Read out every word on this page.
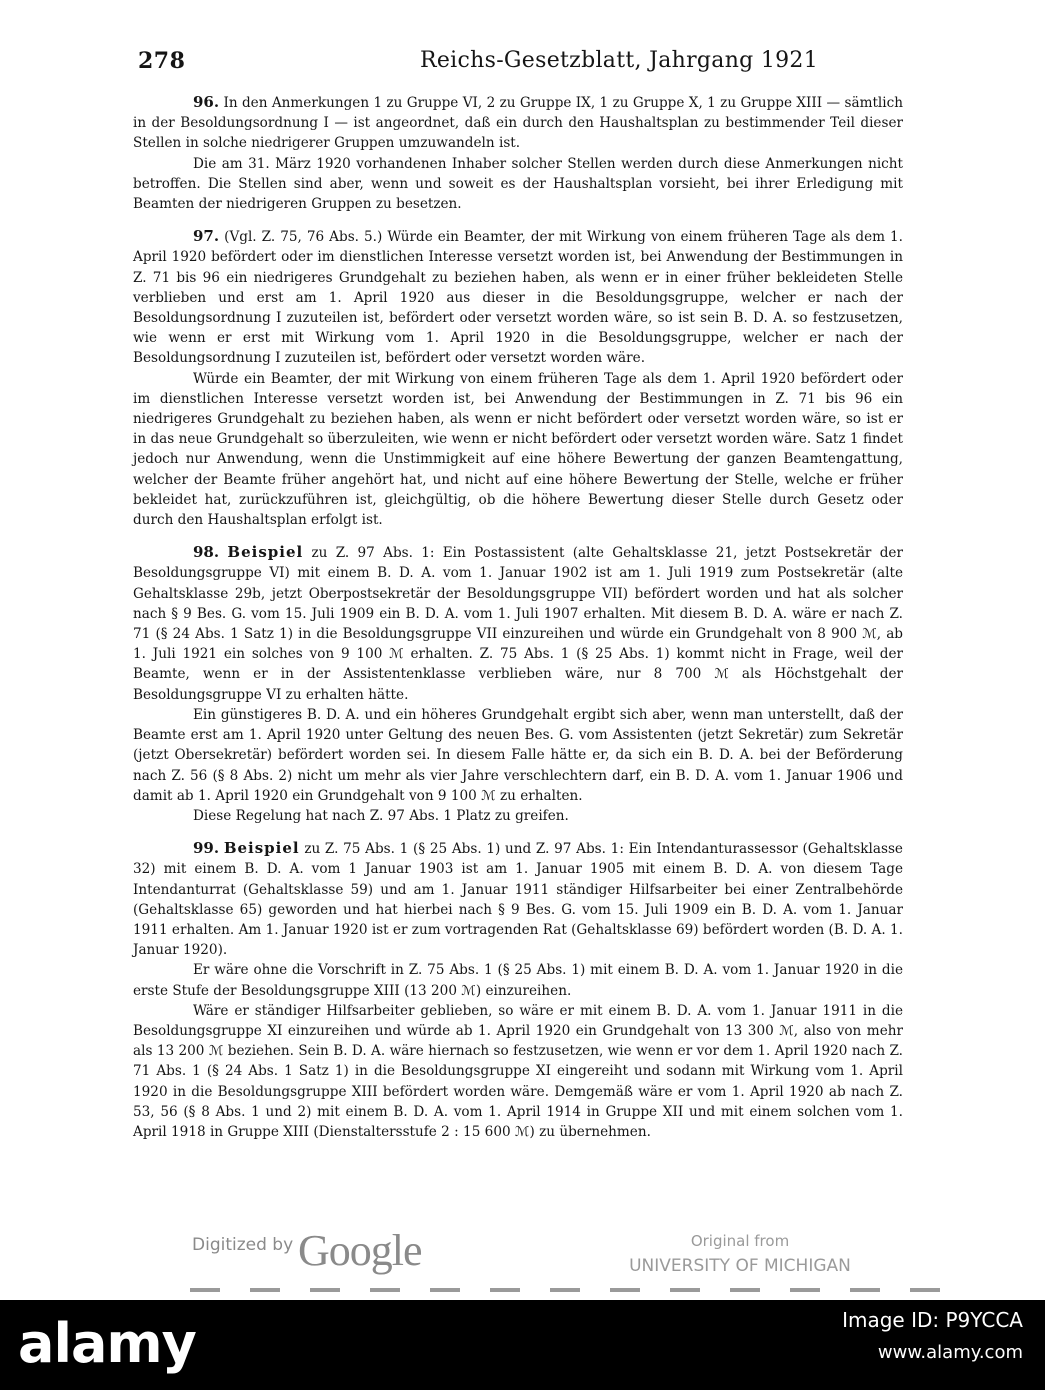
278	Reichs-Gesetzblatt, Jahrgang 1921

96. In den Anmerkungen 1 zu Gruppe VI, 2 zu Gruppe IX, 1 zu Gruppe X, 1 zu Gruppe XIII — sämtlich in der Besoldungsordnung I — ist angeordnet, daß ein durch den Haushaltsplan zu bestimmender Teil dieser Stellen in solche niedrigerer Gruppen umzuwandeln ist.

Die am 31. März 1920 vorhandenen Inhaber solcher Stellen werden durch diese Anmerkungen nicht betroffen. Die Stellen sind aber, wenn und soweit es der Haushaltsplan vorsieht, bei ihrer Erledigung mit Beamten der niedrigeren Gruppen zu besetzen.

97. (Vgl. Z. 75, 76 Abs. 5.) Würde ein Beamter, der mit Wirkung von einem früheren Tage als dem 1. April 1920 befördert oder im dienstlichen Interesse versetzt worden ist, bei Anwendung der Bestimmungen in Z. 71 bis 96 ein niedrigeres Grundgehalt zu beziehen haben, als wenn er in einer früher bekleideten Stelle verblieben und erst am 1. April 1920 aus dieser in die Besoldungsgruppe, welcher er nach der Besoldungsordnung I zuzuteilen ist, befördert oder versetzt worden wäre, so ist sein B. D. A. so festzusetzen, wie wenn er erst mit Wirkung vom 1. April 1920 in die Besoldungsgruppe, welcher er nach der Besoldungsordnung I zuzuteilen ist, befördert oder versetzt worden wäre.

Würde ein Beamter, der mit Wirkung von einem früheren Tage als dem 1. April 1920 befördert oder im dienstlichen Interesse versetzt worden ist, bei Anwendung der Bestimmungen in Z. 71 bis 96 ein niedrigeres Grundgehalt zu beziehen haben, als wenn er nicht befördert oder versetzt worden wäre, so ist er in das neue Grundgehalt so überzuleiten, wie wenn er nicht befördert oder versetzt worden wäre. Satz 1 findet jedoch nur Anwendung, wenn die Unstimmigkeit auf eine höhere Bewertung der ganzen Beamtengattung, welcher der Beamte früher angehört hat, und nicht auf eine höhere Bewertung der Stelle, welche er früher bekleidet hat, zurückzuführen ist, gleichgültig, ob die höhere Bewertung dieser Stelle durch Gesetz oder durch den Haushaltsplan erfolgt ist.

98. Beispiel zu Z. 97 Abs. 1: Ein Postassistent (alte Gehaltsklasse 21, jetzt Postsekretär der Besoldungsgruppe VI) mit einem B. D. A. vom 1. Januar 1902 ist am 1. Juli 1919 zum Postsekretär (alte Gehaltsklasse 29b, jetzt Oberpostsekretär der Besoldungsgruppe VII) befördert worden und hat als solcher nach § 9 Bes. G. vom 15. Juli 1909 ein B. D. A. vom 1. Juli 1907 erhalten. Mit diesem B. D. A. wäre er nach Z. 71 (§ 24 Abs. 1 Satz 1) in die Besoldungsgruppe VII einzureihen und würde ein Grundgehalt von 8 900 ℳ, ab 1. Juli 1921 ein solches von 9 100 ℳ erhalten. Z. 75 Abs. 1 (§ 25 Abs. 1) kommt nicht in Frage, weil der Beamte, wenn er in der Assistentenklasse verblieben wäre, nur 8 700 ℳ als Höchstgehalt der Besoldungsgruppe VI zu erhalten hätte.

Ein günstigeres B. D. A. und ein höheres Grundgehalt ergibt sich aber, wenn man unterstellt, daß der Beamte erst am 1. April 1920 unter Geltung des neuen Bes. G. vom Assistenten (jetzt Sekretär) zum Sekretär (jetzt Obersekretär) befördert worden sei. In diesem Falle hätte er, da sich ein B. D. A. bei der Beförderung nach Z. 56 (§ 8 Abs. 2) nicht um mehr als vier Jahre verschlechtern darf, ein B. D. A. vom 1. Januar 1906 und damit ab 1. April 1920 ein Grundgehalt von 9 100 ℳ zu erhalten.

Diese Regelung hat nach Z. 97 Abs. 1 Platz zu greifen.

99. Beispiel zu Z. 75 Abs. 1 (§ 25 Abs. 1) und Z. 97 Abs. 1: Ein Intendanturassessor (Gehaltsklasse 32) mit einem B. D. A. vom 1 Januar 1903 ist am 1. Januar 1905 mit einem B. D. A. von diesem Tage Intendanturrat (Gehaltsklasse 59) und am 1. Januar 1911 ständiger Hilfsarbeiter bei einer Zentralbehörde (Gehaltsklasse 65) geworden und hat hierbei nach § 9 Bes. G. vom 15. Juli 1909 ein B. D. A. vom 1. Januar 1911 erhalten. Am 1. Januar 1920 ist er zum vortragenden Rat (Gehaltsklasse 69) befördert worden (B. D. A. 1. Januar 1920).

Er wäre ohne die Vorschrift in Z. 75 Abs. 1 (§ 25 Abs. 1) mit einem B. D. A. vom 1. Januar 1920 in die erste Stufe der Besoldungsgruppe XIII (13 200 ℳ) einzureihen.

Wäre er ständiger Hilfsarbeiter geblieben, so wäre er mit einem B. D. A. vom 1. Januar 1911 in die Besoldungsgruppe XI einzureihen und würde ab 1. April 1920 ein Grundgehalt von 13 300 ℳ, also von mehr als 13 200 ℳ beziehen. Sein B. D. A. wäre hiernach so festzusetzen, wie wenn er vor dem 1. April 1920 nach Z. 71 Abs. 1 (§ 24 Abs. 1 Satz 1) in die Besoldungsgruppe XI eingereiht und sodann mit Wirkung vom 1. April 1920 in die Besoldungsgruppe XIII befördert worden wäre. Demgemäß wäre er vom 1. April 1920 ab nach Z. 53, 56 (§ 8 Abs. 1 und 2) mit einem B. D. A. vom 1. April 1914 in Gruppe XII und mit einem solchen vom 1. April 1918 in Gruppe XIII (Dienstaltersstufe 2 : 15 600 ℳ) zu übernehmen.

Digitized by Google	Original from
UNIVERSITY OF MICHIGAN
alamy	Image ID: P9YCCA
www.alamy.com
